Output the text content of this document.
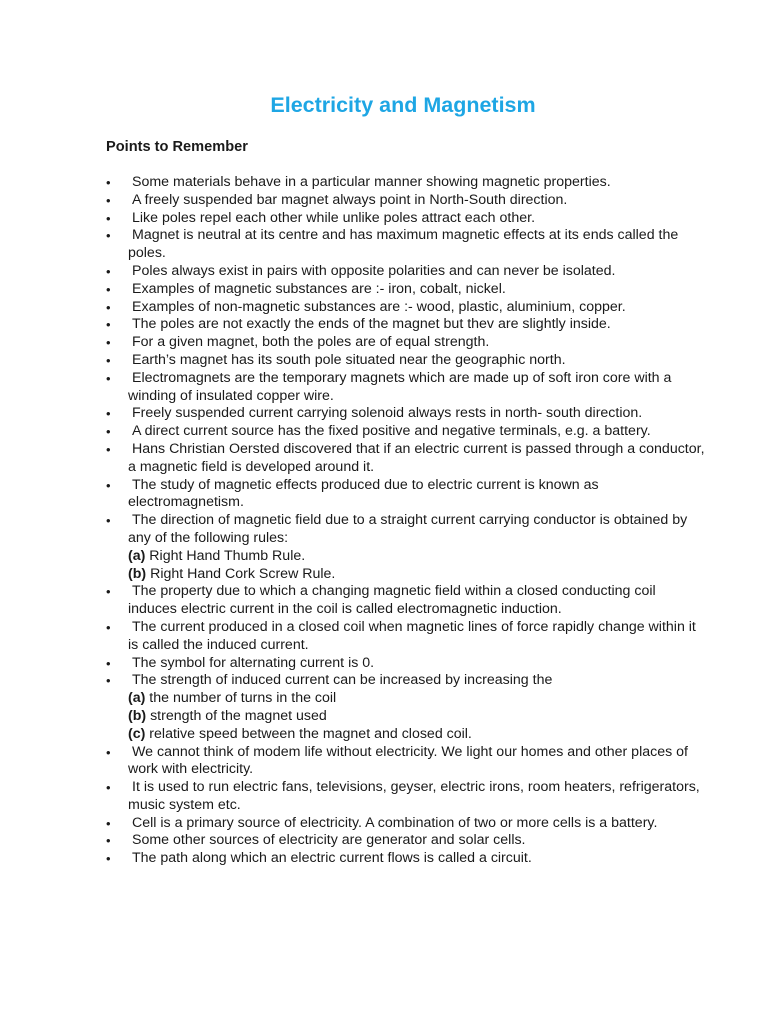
Electricity and Magnetism
Points to Remember
•	Some materials behave in a particular manner showing magnetic properties.
•	A freely suspended bar magnet always point in North-South direction.
•	Like poles repel each other while unlike poles attract each other.
•	Magnet is neutral at its centre and has maximum magnetic effects at its ends called the poles.
•	Poles always exist in pairs with opposite polarities and can never be isolated.
•	Examples of magnetic substances are :- iron, cobalt, nickel.
•	Examples of non-magnetic substances are :- wood, plastic, aluminium, copper.
•	The poles are not exactly the ends of the magnet but thev are slightly inside.
•	For a given magnet, both the poles are of equal strength.
•	Earth’s magnet has its south pole situated near the geographic north.
•	Electromagnets are the temporary magnets which are made up of soft iron core with a winding of insulated copper wire.
•	Freely suspended current carrying solenoid always rests in north- south direction.
•	A direct current source has the fixed positive and negative terminals, e.g. a battery.
•	Hans Christian Oersted discovered that if an electric current is passed through a conductor, a magnetic field is developed around it.
•	The study of magnetic effects produced due to electric current is known as electromagnetism.
•	The direction of magnetic field due to a straight current carrying conductor is obtained by any of the following rules:
(a) Right Hand Thumb Rule.
(b) Right Hand Cork Screw Rule.
•	The property due to which a changing magnetic field within a closed conducting coil induces electric current in the coil is called electromagnetic induction.
•	The current produced in a closed coil when magnetic lines of force rapidly change within it is called the induced current.
•	The symbol for alternating current is 0.
•	The strength of induced current can be increased by increasing the
(a) the number of turns in the coil
(b) strength of the magnet used
(c) relative speed between the magnet and closed coil.
•	We cannot think of modem life without electricity. We light our homes and other places of work with electricity.
•	It is used to run electric fans, televisions, geyser, electric irons, room heaters, refrigerators, music system etc.
•	Cell is a primary source of electricity. A combination of two or more cells is a battery.
•	Some other sources of electricity are generator and solar cells.
•	The path along which an electric current flows is called a circuit.
